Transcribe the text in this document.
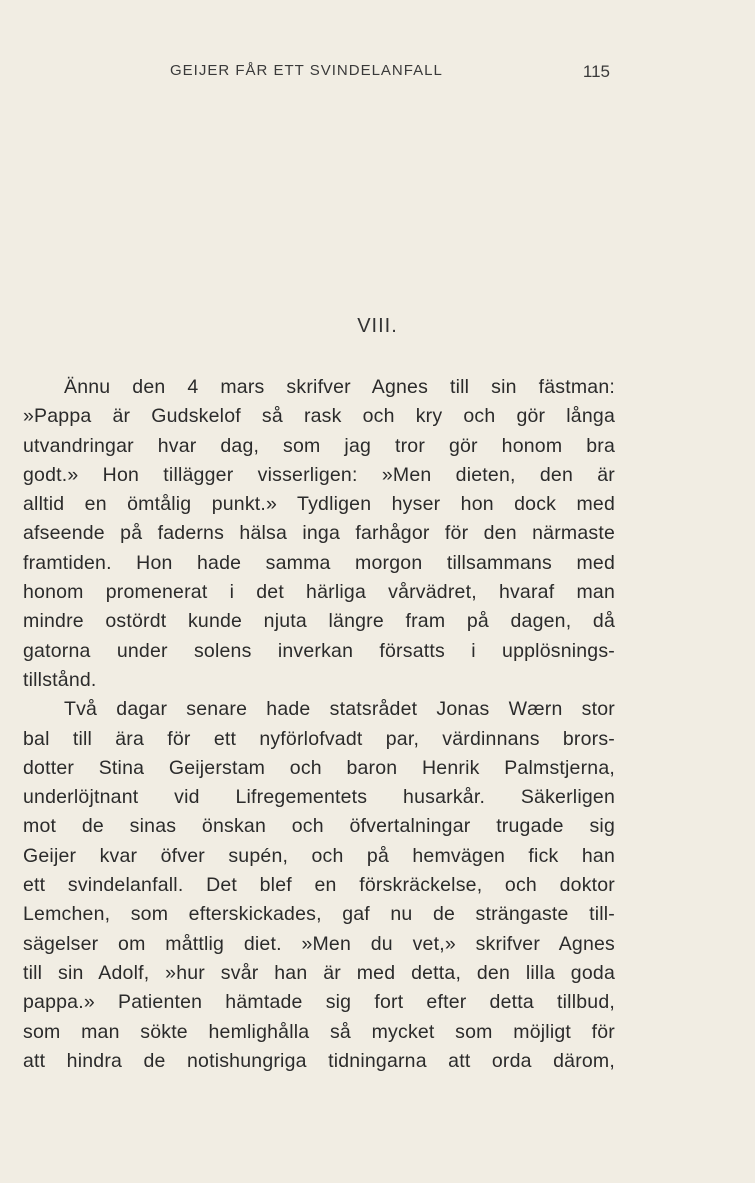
GEIJER FÅR ETT SVINDELANFALL	115
VIII.
Ännu den 4 mars skrifver Agnes till sin fästman:
»Pappa är Gudskelof så rask och kry och gör långa
utvandringar hvar dag, som jag tror gör honom bra
godt.» Hon tillägger visserligen: »Men dieten, den är
alltid en ömtålig punkt.» Tydligen hyser hon dock med
afseende på faderns hälsa inga farhågor för den närmaste
framtiden. Hon hade samma morgon tillsammans med
honom promenerat i det härliga vårvädret, hvaraf man
mindre ostördt kunde njuta längre fram på dagen, då
gatorna under solens inverkan försatts i upplösnings-
tillstånd.
Två dagar senare hade statsrådet Jonas Wærn stor
bal till ära för ett nyförlofvadt par, värdinnans brors-
dotter Stina Geijerstam och baron Henrik Palmstjerna,
underlöjtnant vid Lifregementets husarkår. Säkerligen
mot de sinas önskan och öfvertalningar trugade sig
Geijer kvar öfver supén, och på hemvägen fick han
ett svindelanfall. Det blef en förskräckelse, och doktor
Lemchen, som efterskickades, gaf nu de strängaste till-
sägelser om måttlig diet. »Men du vet,» skrifver Agnes
till sin Adolf, »hur svår han är med detta, den lilla goda
pappa.» Patienten hämtade sig fort efter detta tillbud,
som man sökte hemlighålla så mycket som möjligt för
att hindra de notishungriga tidningarna att orda därom,
